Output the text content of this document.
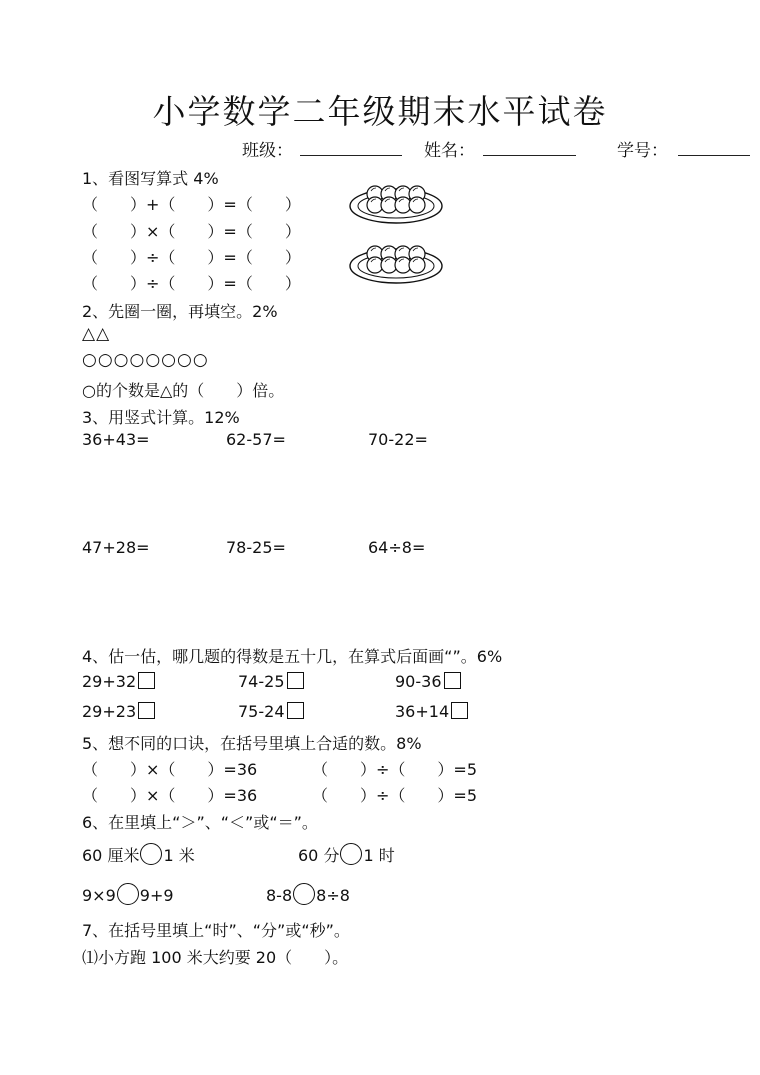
小学数学二年级期末水平试卷
班级：	姓名：	学号：
1、看图写算式 4%
（　　）+（　　）=（　　）
（　　）×（　　）=（　　）
（　　）÷（　　）=（　　）
（　　）÷（　　）=（　　）
2、先圈一圈，再填空。2%
△△
○○○○○○○○
○的个数是△的（　　）倍。
3、用竖式计算。12%
36+43=	62-57=	70-22=
47+28=	78-25=	64÷8=
4、估一估，哪几题的得数是五十几，在算式后面画“”。6%
29+32	74-25	90-36
29+23	75-24	36+14
5、想不同的口诀，在括号里填上合适的数。8%
（　　）×（　　）=36	（　　）÷（　　）=5
（　　）×（　　）=36	（　　）÷（　　）=5
6、在里填上“＞”、“＜”或“＝”。
60 厘米 1 米	60 分 1 时
9×9 9+9	8-8 8÷8
7、在括号里填上“时”、“分”或“秒”。
⑴小方跑 100 米大约要 20（　　）。
